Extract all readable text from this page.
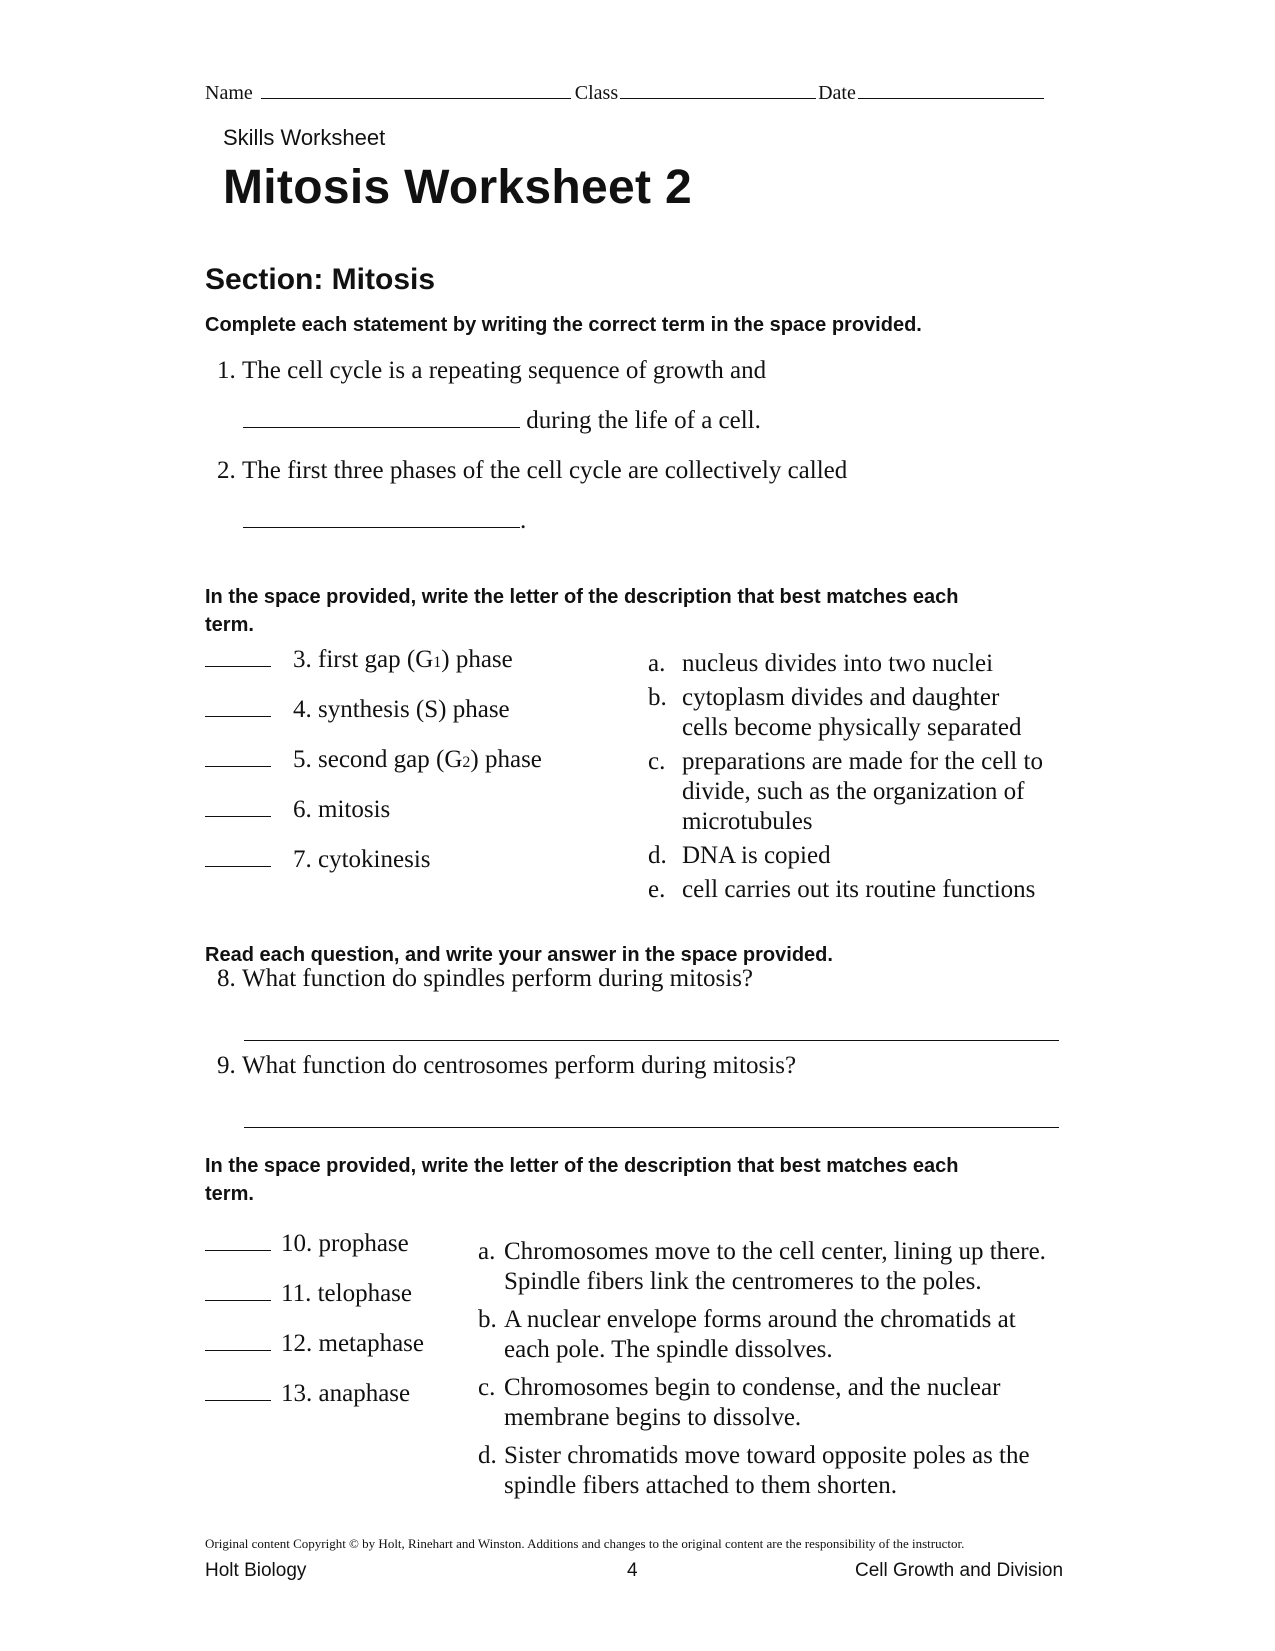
Name	Class	Date
Skills Worksheet
Mitosis Worksheet 2
Section: Mitosis
Complete each statement by writing the correct term in the space provided.
1.
The cell cycle is a repeating sequence of growth and
during the life of a cell.
2.
The first three phases of the cell cycle are collectively called
.
In the space provided, write the letter of the description that best matches each term.
3.
first gap (G 1 ) phase
4.
synthesis (S) phase
5.
second gap (G 2 ) phase
6.
mitosis
7.
cytokinesis
a. nucleus divides into two nuclei
b. cytoplasm divides and daughter cells become physically separated
c. preparations are made for the cell to divide, such as the organization of microtubules
d. DNA is copied
e. cell carries out its routine functions
Read each question, and write your answer in the space provided.
8.
What function do spindles perform during mitosis?
9.
What function do centrosomes perform during mitosis?
In the space provided, write the letter of the description that best matches each term.
10.
prophase
11.
telophase
12.
metaphase
13.
anaphase
a. Chromosomes move to the cell center, lining up there. Spindle fibers link the centromeres to the poles.
b. A nuclear envelope forms around the chromatids at each pole. The spindle dissolves.
c. Chromosomes begin to condense, and the nuclear membrane begins to dissolve.
d. Sister chromatids move toward opposite poles as the spindle fibers attached to them shorten.
Original content Copyright © by Holt, Rinehart and Winston. Additions and changes to the original content are the responsibility of the instructor.
Holt Biology	4	Cell Growth and Division
